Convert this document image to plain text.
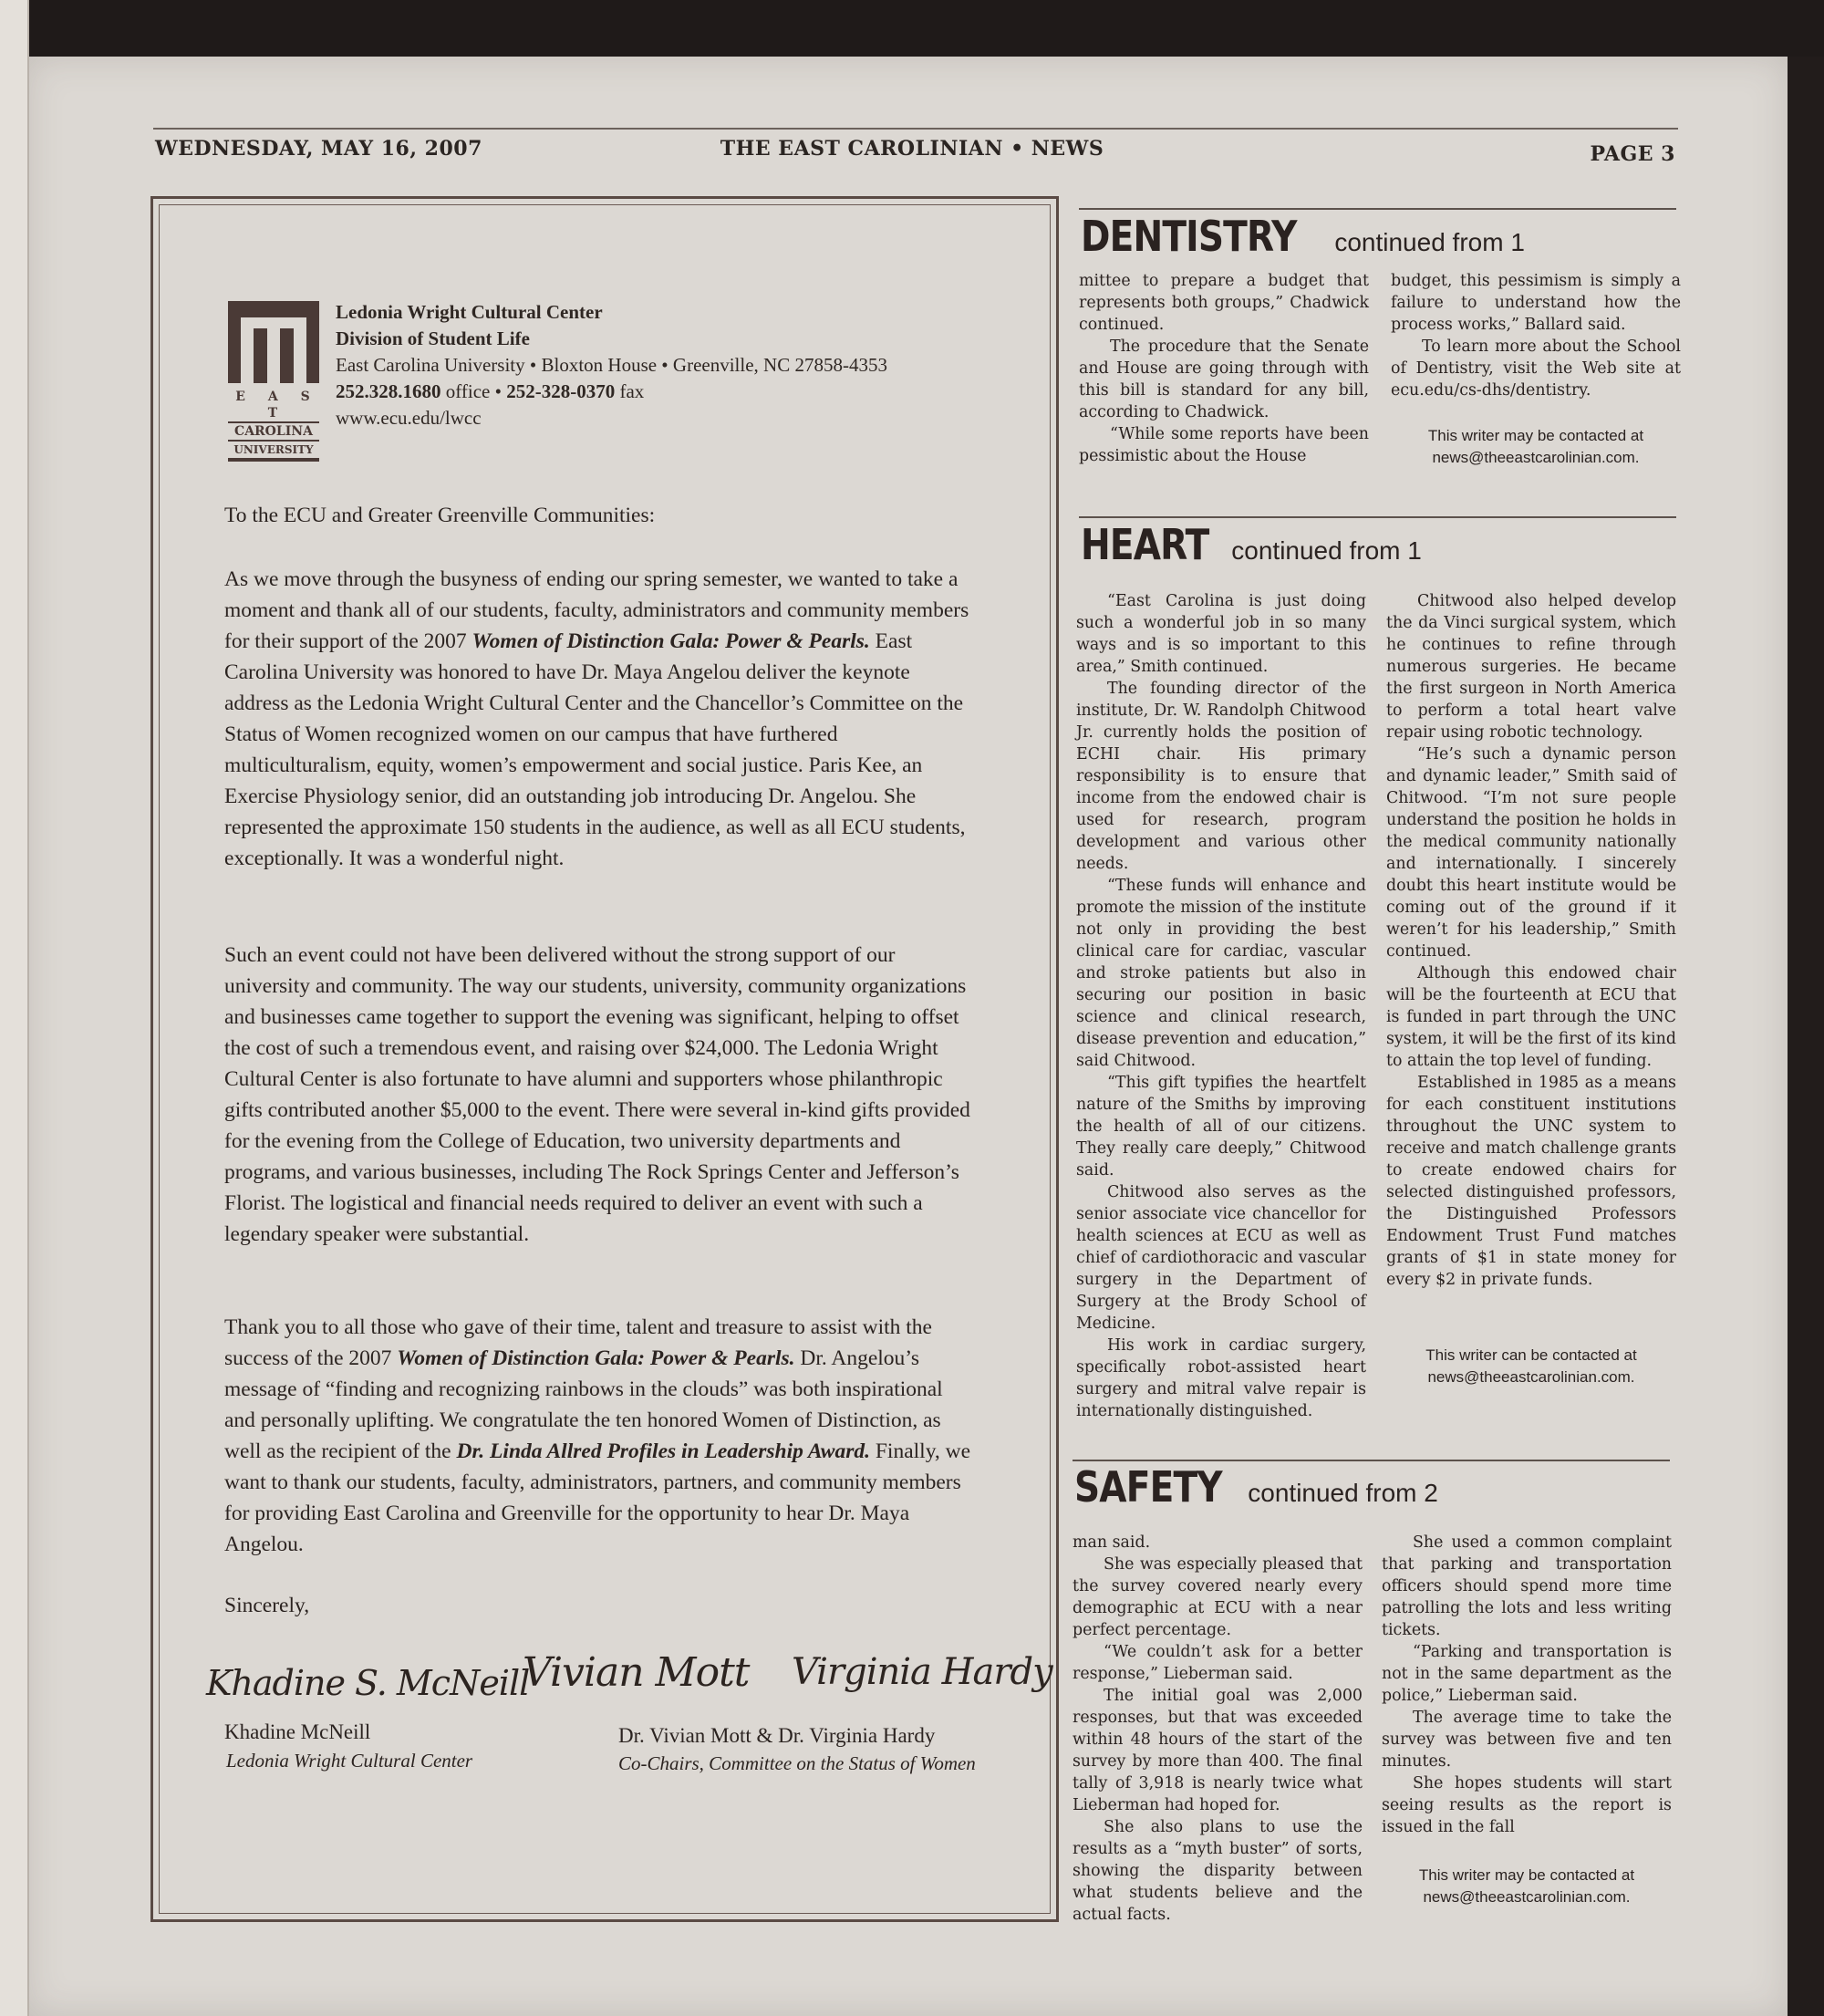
WEDNESDAY, MAY 16, 2007	THE EAST CAROLINIAN • NEWS	PAGE 3
E A S T
CAROLINA
UNIVERSITY
Ledonia Wright Cultural Center
Division of Student Life
East Carolina University • Bloxton House • Greenville, NC 27858-4353
252.328.1680 office • 252-328-0370 fax
www.ecu.edu/lwcc
To the ECU and Greater Greenville Communities:

As we move through the busyness of ending our spring semester, we wanted to take a moment and thank all of our students, faculty, administrators and community members for their support of the 2007 Women of Distinction Gala: Power & Pearls. East Carolina University was honored to have Dr. Maya Angelou deliver the keynote address as the Ledonia Wright Cultural Center and the Chancellor’s Committee on the Status of Women recognized women on our campus that have furthered multiculturalism, equity, women’s empowerment and social justice. Paris Kee, an Exercise Physiology senior, did an outstanding job introducing Dr. Angelou. She represented the approximate 150 students in the audience, as well as all ECU students, exceptionally. It was a wonderful night.

Such an event could not have been delivered without the strong support of our university and community. The way our students, university, community organizations and businesses came together to support the evening was significant, helping to offset the cost of such a tremendous event, and raising over $24,000. The Ledonia Wright Cultural Center is also fortunate to have alumni and supporters whose philanthropic gifts contributed another $5,000 to the event. There were several in-kind gifts provided for the evening from the College of Education, two university departments and programs, and various businesses, including The Rock Springs Center and Jefferson’s Florist. The logistical and financial needs required to deliver an event with such a legendary speaker were substantial.

Thank you to all those who gave of their time, talent and treasure to assist with the success of the 2007 Women of Distinction Gala: Power & Pearls. Dr. Angelou’s message of “finding and recognizing rainbows in the clouds” was both inspirational and personally uplifting. We congratulate the ten honored Women of Distinction, as well as the recipient of the Dr. Linda Allred Profiles in Leadership Award. Finally, we want to thank our students, faculty, administrators, partners, and community members for providing East Carolina and Greenville for the opportunity to hear Dr. Maya Angelou.

Sincerely,
Khadine S. McNeill
Vivian Mott Virginia Hardy
Khadine McNeill
Ledonia Wright Cultural Center
Dr. Vivian Mott & Dr. Virginia Hardy
Co-Chairs, Committee on the Status of Women
DENTISTRY continued from 1

mittee to prepare a budget that represents both groups,” Chadwick continued.

The procedure that the Senate and House are going through with this bill is standard for any bill, according to Chadwick.

“While some reports have been pessimistic about the House

budget, this pessimism is simply a failure to understand how the process works,” Ballard said.

To learn more about the School of Dentistry, visit the Web site at ecu.edu/cs-dhs/dentistry.

This writer may be contacted at news@theeastcarolinian.com.
HEART continued from 1

“East Carolina is just doing such a wonderful job in so many ways and is so important to this area,” Smith continued.

The founding director of the institute, Dr. W. Randolph Chitwood Jr. currently holds the position of ECHI chair. His primary responsibility is to ensure that income from the endowed chair is used for research, program development and various other needs.

“These funds will enhance and promote the mission of the institute not only in providing the best clinical care for cardiac, vascular and stroke patients but also in securing our position in basic science and clinical research, disease prevention and education,” said Chitwood.

“This gift typifies the heartfelt nature of the Smiths by improving the health of all of our citizens. They really care deeply,” Chitwood said.

Chitwood also serves as the senior associate vice chancellor for health sciences at ECU as well as chief of cardiothoracic and vascular surgery in the Department of Surgery at the Brody School of Medicine.

His work in cardiac surgery, specifically robot-assisted heart surgery and mitral valve repair is internationally distinguished.

Chitwood also helped develop the da Vinci surgical system, which he continues to refine through numerous surgeries. He became the first surgeon in North America to perform a total heart valve repair using robotic technology.

“He’s such a dynamic person and dynamic leader,” Smith said of Chitwood. “I’m not sure people understand the position he holds in the medical community nationally and internationally. I sincerely doubt this heart institute would be coming out of the ground if it weren’t for his leadership,” Smith continued.

Although this endowed chair will be the fourteenth at ECU that is funded in part through the UNC system, it will be the first of its kind to attain the top level of funding.

Established in 1985 as a means for each constituent institutions throughout the UNC system to receive and match challenge grants to create endowed chairs for selected distinguished professors, the Distinguished Professors Endowment Trust Fund matches grants of $1 in state money for every $2 in private funds.

This writer can be contacted at news@theeastcarolinian.com.
SAFETY continued from 2

man said.

She was especially pleased that the survey covered nearly every demographic at ECU with a near perfect percentage.

“We couldn’t ask for a better response,” Lieberman said.

The initial goal was 2,000 responses, but that was exceeded within 48 hours of the start of the survey by more than 400. The final tally of 3,918 is nearly twice what Lieberman had hoped for.

She also plans to use the results as a “myth buster” of sorts, showing the disparity between what students believe and the actual facts.

She used a common complaint that parking and transportation officers should spend more time patrolling the lots and less writing tickets.

“Parking and transportation is not in the same department as the police,” Lieberman said.

The average time to take the survey was between five and ten minutes.

She hopes students will start seeing results as the report is issued in the fall

This writer may be contacted at news@theeastcarolinian.com.
